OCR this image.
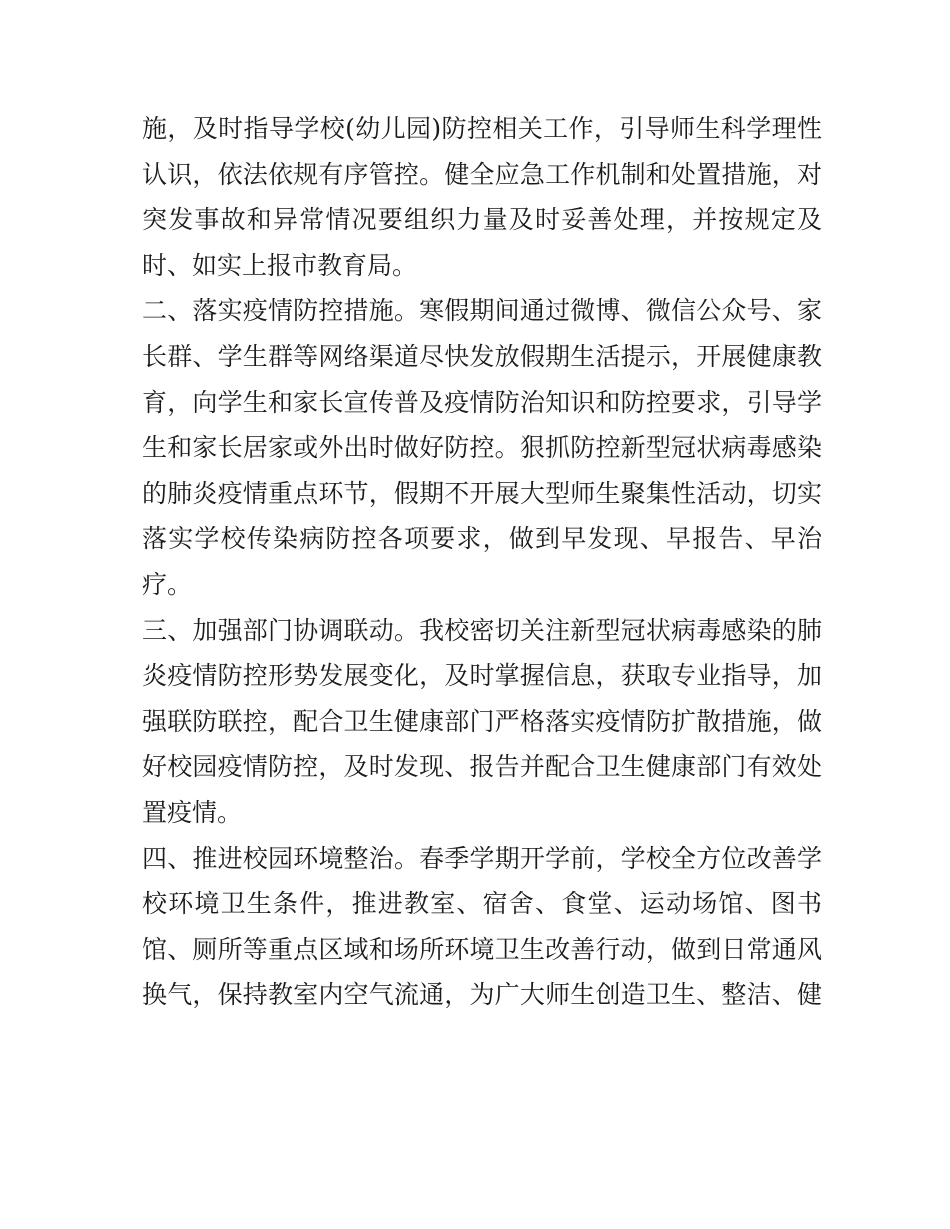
施，及时指导学校(幼儿园)防控相关工作，引导师生科学理性
认识，依法依规有序管控。健全应急工作机制和处置措施，对
突发事故和异常情况要组织力量及时妥善处理，并按规定及
时、如实上报市教育局。
二、落实疫情防控措施。寒假期间通过微博、微信公众号、家
长群、学生群等网络渠道尽快发放假期生活提示，开展健康教
育，向学生和家长宣传普及疫情防治知识和防控要求，引导学
生和家长居家或外出时做好防控。狠抓防控新型冠状病毒感染
的肺炎疫情重点环节，假期不开展大型师生聚集性活动，切实
落实学校传染病防控各项要求，做到早发现、早报告、早治
疗。
三、加强部门协调联动。我校密切关注新型冠状病毒感染的肺
炎疫情防控形势发展变化，及时掌握信息，获取专业指导，加
强联防联控，配合卫生健康部门严格落实疫情防扩散措施，做
好校园疫情防控，及时发现、报告并配合卫生健康部门有效处
置疫情。
四、推进校园环境整治。春季学期开学前，学校全方位改善学
校环境卫生条件，推进教室、宿舍、食堂、运动场馆、图书
馆、厕所等重点区域和场所环境卫生改善行动，做到日常通风
换气，保持教室内空气流通，为广大师生创造卫生、整洁、健
